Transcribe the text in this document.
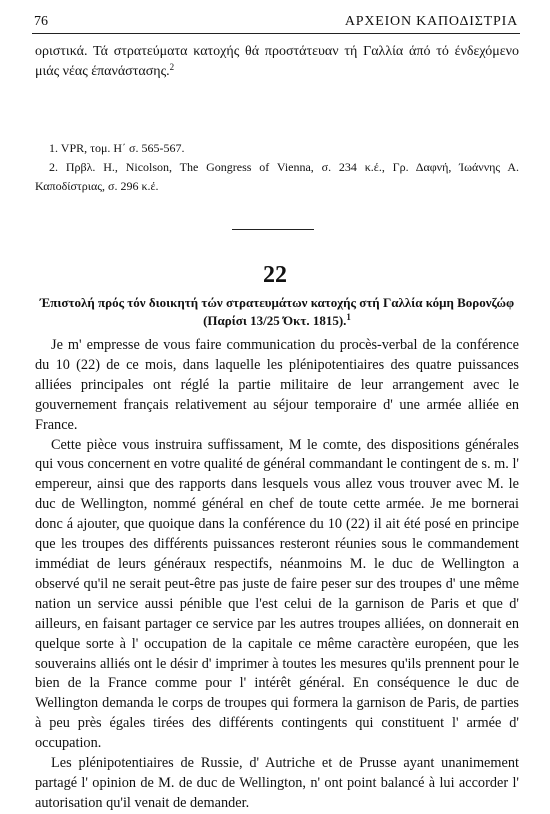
76	ΑΡΧΕΙΟΝ ΚΑΠΟΔΙΣΤΡΙΑ

οριστικά. Τά στρατεύματα κατοχής θά προστάτευαν τή Γαλλία άπό τό ένδεχόμενο μιάς νέας έπανάστασης.$^2$

1. VPR, τομ. Η΄ σ. 565-567.

2. Πρβλ. H., Nicolson, The Gongress of Vienna, σ. 234 κ.έ., Γρ. Δαφνή, Ίωάννης Α. Καποδίστριας, σ. 296 κ.έ.

22

Έπιστολή πρός τόν διοικητή τών στρατευμάτων κατοχής στή Γαλλία κόμη Βορονζώφ (Παρίσι 13/25 Όκτ. 1815).$^1$

Je m' empresse de vous faire communication du procès-verbal de la conférence du 10 (22) de ce mois, dans laquelle les plénipotentiaires des quatre puissances alliées principales ont réglé la partie militaire de leur arrangement avec le gouvernement français relativement au séjour temporaire d' une armée alliée en France.

Cette pièce vous instruira suffissament, M le comte, des dispositions générales qui vous concernent en votre qualité de général commandant le contingent de s. m. l' empereur, ainsi que des rapports dans lesquels vous allez vous trouver avec M. le duc de Wellington, nommé général en chef de toute cette armée. Je me bornerai donc á ajouter, que quoique dans la conférence du 10 (22) il ait été posé en principe que les troupes des différents puissances resteront réunies sous le commandement immédiat de leurs généraux respectifs, néanmoins M. le duc de Wellington a observé qu'il ne serait peut-être pas juste de faire peser sur des troupes d' une même nation un service aussi pénible que l'est celui de la garnison de Paris et que d' ailleurs, en faisant partager ce service par les autres troupes alliées, on donnerait en quelque sorte à l' occupation de la capitale ce même caractère européen, que les souverains alliés ont le désir d' imprimer à toutes les mesures qu'ils prennent pour le bien de la France comme pour l' intérêt général. En conséquence le duc de Wellington demanda le corps de troupes qui formera la garnison de Paris, de parties à peu près égales tirées des différents contingents qui constituent l' armée d' occupation.

Les plénipotentiaires de Russie, d' Autriche et de Prusse ayant unanimement partagé l' opinion de M. de duc de Wellington, n' ont point balancé à lui accorder l' autorisation qu'il venait de demander.
